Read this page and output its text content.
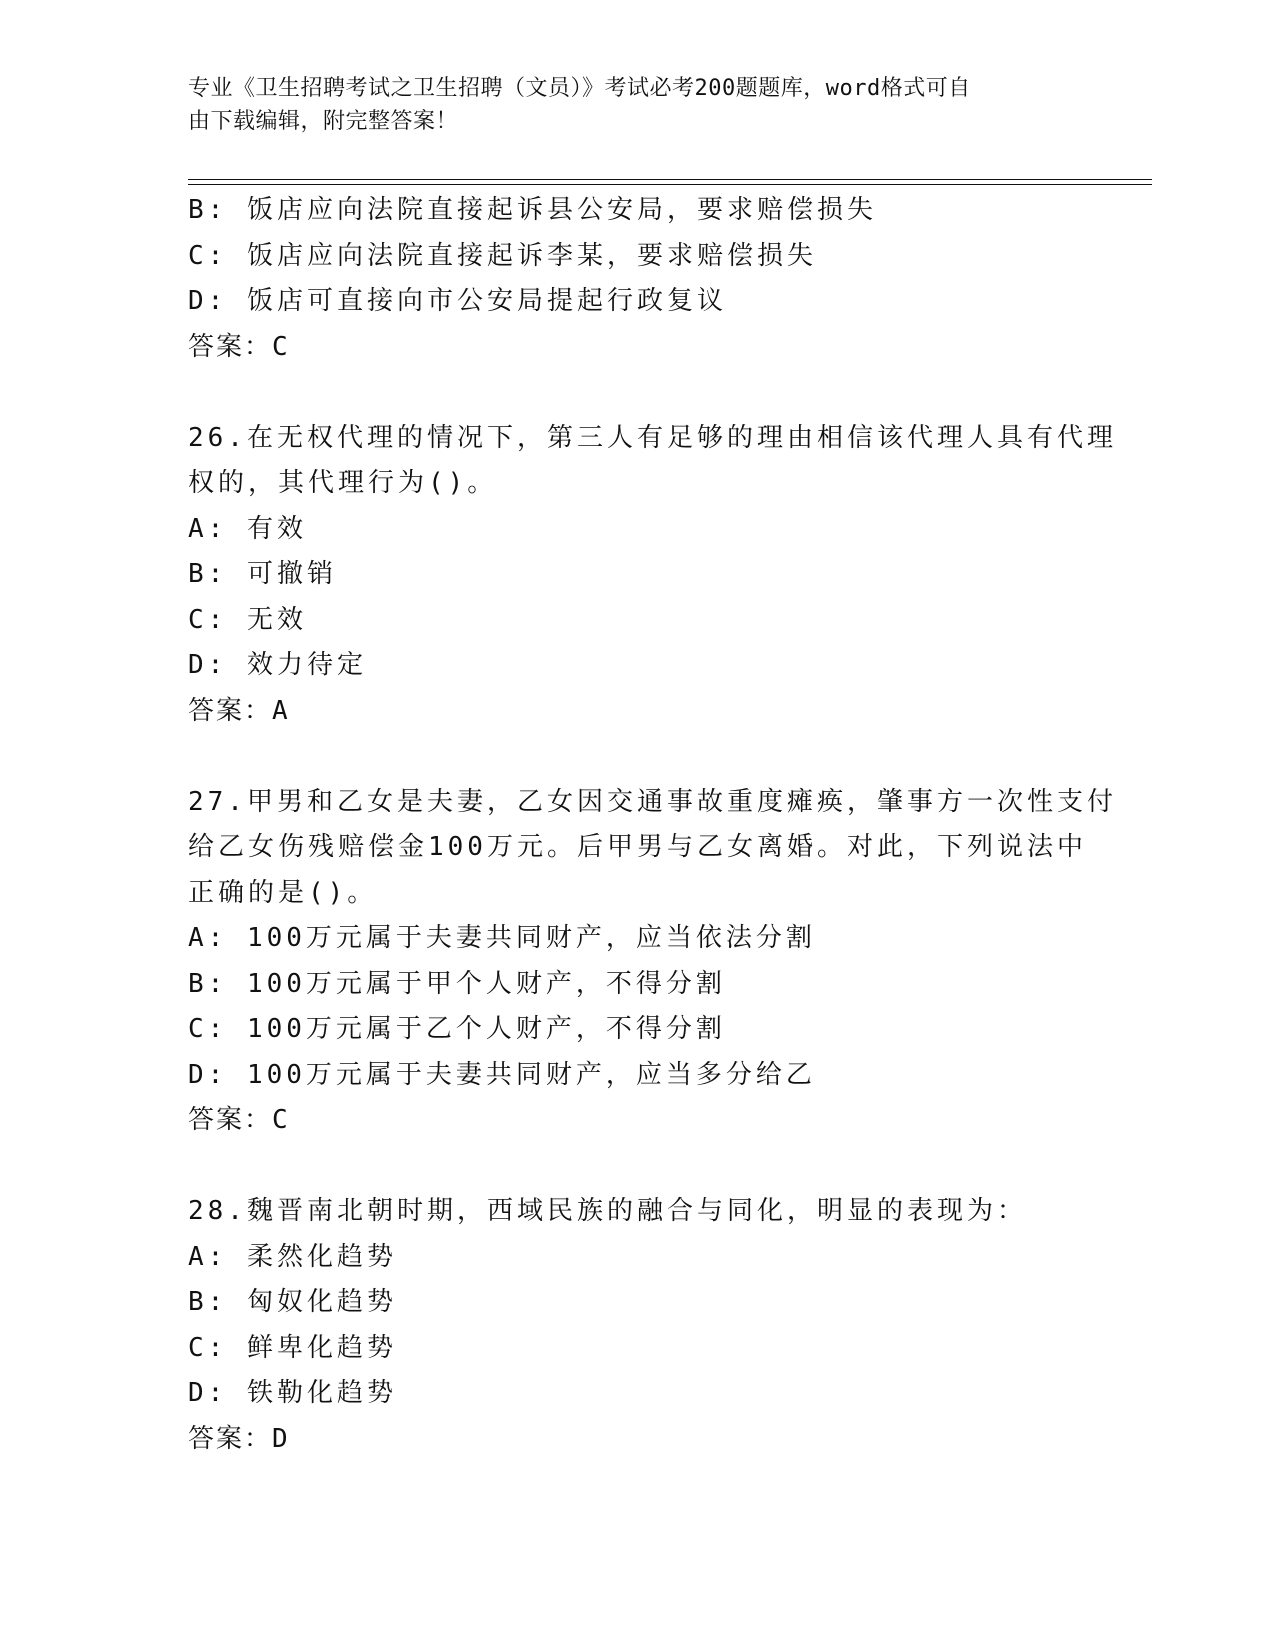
专业《卫生招聘考试之卫生招聘（文员）》考试必考200题题库，word格式可自
由下载编辑，附完整答案！
B: 饭店应向法院直接起诉县公安局，要求赔偿损失
C: 饭店应向法院直接起诉李某，要求赔偿损失
D: 饭店可直接向市公安局提起行政复议
答案：C
26.在无权代理的情况下，第三人有足够的理由相信该代理人具有代理
权的，其代理行为()。
A: 有效
B: 可撤销
C: 无效
D: 效力待定
答案：A
27.甲男和乙女是夫妻，乙女因交通事故重度瘫痪，肇事方一次性支付
给乙女伤残赔偿金100万元。后甲男与乙女离婚。对此，下列说法中
正确的是()。
A: 100万元属于夫妻共同财产，应当依法分割
B: 100万元属于甲个人财产，不得分割
C: 100万元属于乙个人财产，不得分割
D: 100万元属于夫妻共同财产，应当多分给乙
答案：C
28.魏晋南北朝时期，西域民族的融合与同化，明显的表现为：
A: 柔然化趋势
B: 匈奴化趋势
C: 鲜卑化趋势
D: 铁勒化趋势
答案：D
